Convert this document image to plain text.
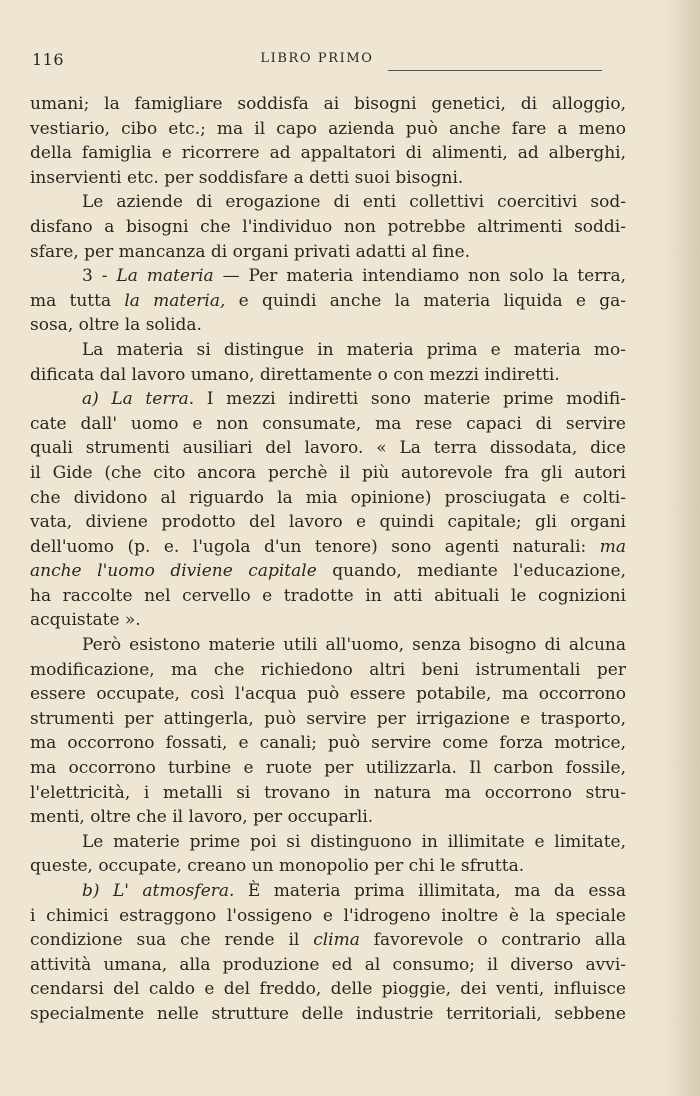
116	LIBRO PRIMO
umani; la famigliare soddisfa ai bisogni genetici, di alloggio,
vestiario, cibo etc.; ma il capo azienda può anche fare a meno
della famiglia e ricorrere ad appaltatori di alimenti, ad alberghi,
inservienti etc. per soddisfare a detti suoi bisogni.
Le aziende di erogazione di enti collettivi coercitivi sod-
disfano a bisogni che l'individuo non potrebbe altrimenti soddi-
sfare, per mancanza di organi privati adatti al fine.
3 - La materia — Per materia intendiamo non solo la terra,
ma tutta la materia, e quindi anche la materia liquida e ga-
sosa, oltre la solida.
La materia si distingue in materia prima e materia mo-
dificata dal lavoro umano, direttamente o con mezzi indiretti.
a) La terra. I mezzi indiretti sono materie prime modifi-
cate dall' uomo e non consumate, ma rese capaci di servire
quali strumenti ausiliari del lavoro. « La terra dissodata, dice
il Gide (che cito ancora perchè il più autorevole fra gli autori
che dividono al riguardo la mia opinione) prosciugata e colti-
vata, diviene prodotto del lavoro e quindi capitale; gli organi
dell'uomo (p. e. l'ugola d'un tenore) sono agenti naturali: ma
anche l'uomo diviene capitale quando, mediante l'educazione,
ha raccolte nel cervello e tradotte in atti abituali le cognizioni
acquistate ».
Però esistono materie utili all'uomo, senza bisogno di alcuna
modificazione, ma che richiedono altri beni istrumentali per
essere occupate, così l'acqua può essere potabile, ma occorrono
strumenti per attingerla, può servire per irrigazione e trasporto,
ma occorrono fossati, e canali; può servire come forza motrice,
ma occorrono turbine e ruote per utilizzarla. Il carbon fossile,
l'elettricità, i metalli si trovano in natura ma occorrono stru-
menti, oltre che il lavoro, per occuparli.
Le materie prime poi si distinguono in illimitate e limitate,
queste, occupate, creano un monopolio per chi le sfrutta.
b) L' atmosfera. È materia prima illimitata, ma da essa
i chimici estraggono l'ossigeno e l'idrogeno inoltre è la speciale
condizione sua che rende il clima favorevole o contrario alla
attività umana, alla produzione ed al consumo; il diverso avvi-
cendarsi del caldo e del freddo, delle pioggie, dei venti, influisce
specialmente nelle strutture delle industrie territoriali, sebbene
